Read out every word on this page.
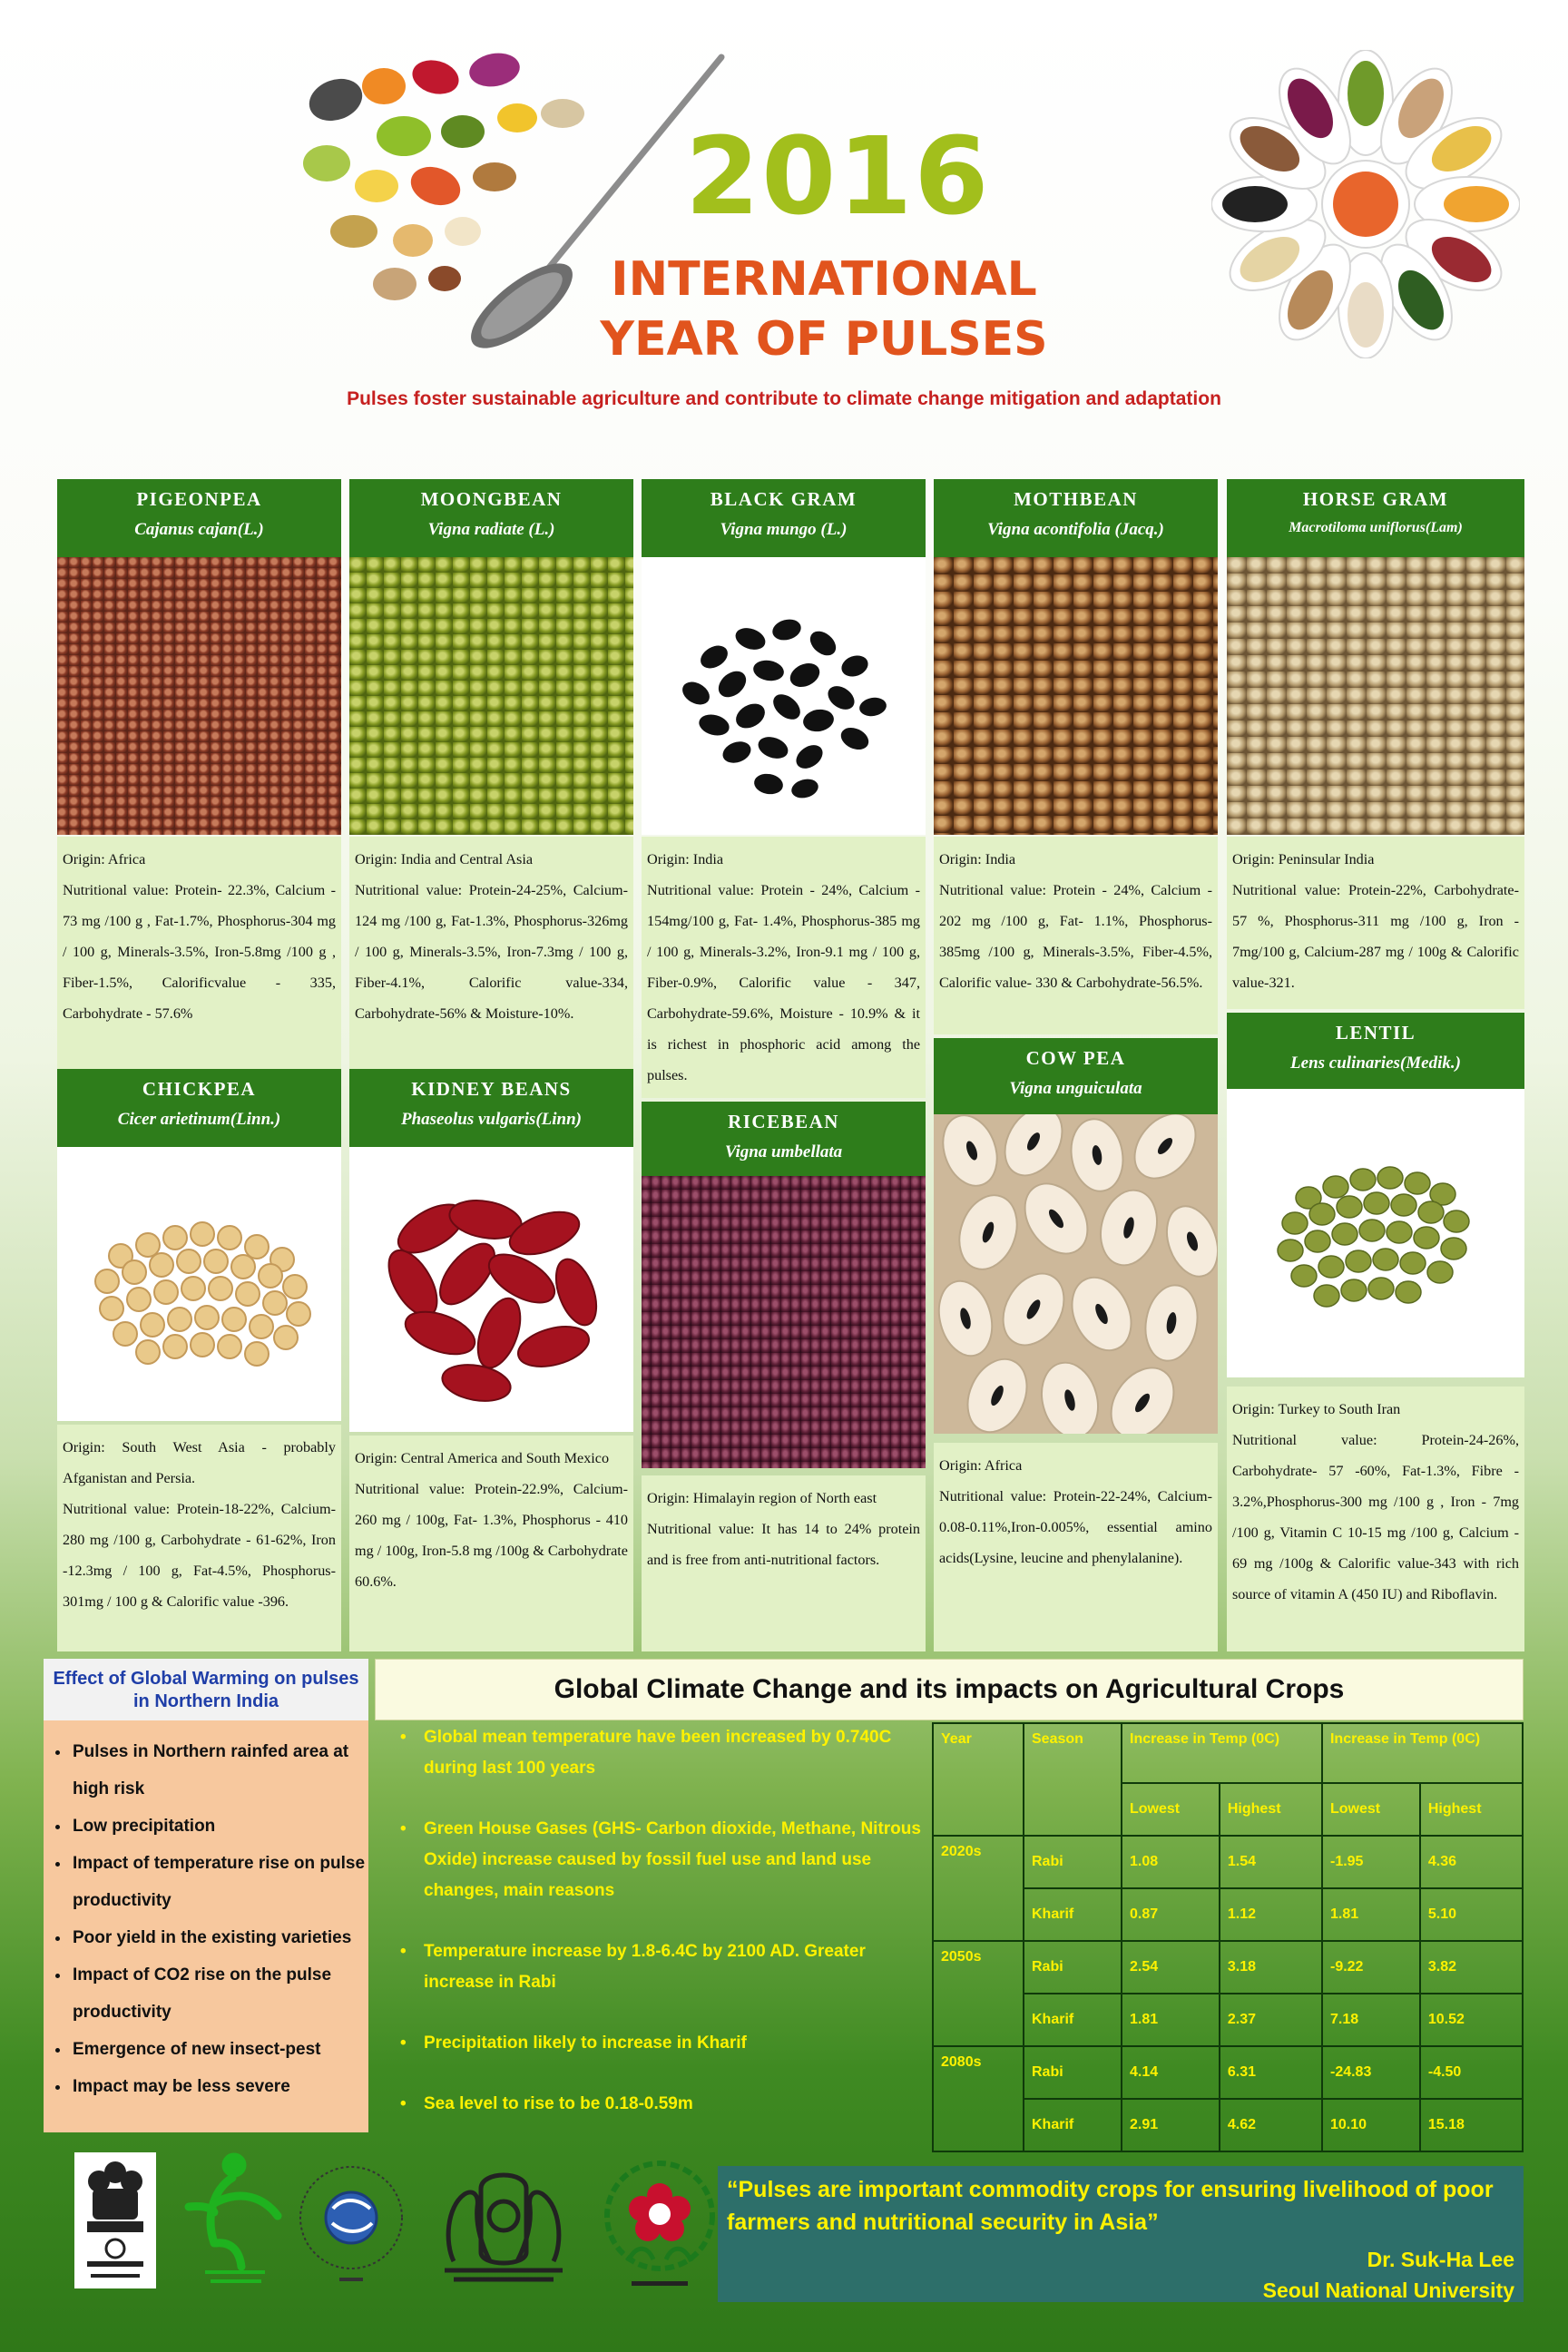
2016
INTERNATIONAL
YEAR OF PULSES
Pulses foster sustainable agriculture and contribute to climate change mitigation and adaptation
PIGEONPEA
Cajanus cajan(L.)

Origin: Africa

Nutritional value: Protein- 22.3%, Calcium - 73 mg /100 g , Fat-1.7%, Phosphorus-304 mg / 100 g, Minerals-3.5%, Iron-5.8mg /100 g , Fiber-1.5%, Calorificvalue - 335, Carbohydrate - 57.6%

MOONGBEAN
Vigna radiate (L.)

Origin: India and Central Asia

Nutritional value: Protein-24-25%, Calcium-124 mg /100 g, Fat-1.3%, Phosphorus-326mg / 100 g, Minerals-3.5%, Iron-7.3mg / 100 g, Fiber-4.1%, Calorific value-334, Carbohydrate-56% & Moisture-10%.

BLACK GRAM
Vigna mungo (L.)

Origin: India

Nutritional value: Protein - 24%, Calcium - 154mg/100 g, Fat- 1.4%, Phosphorus-385 mg / 100 g, Minerals-3.2%, Iron-9.1 mg / 100 g, Fiber-0.9%, Calorific value - 347, Carbohydrate-59.6%, Moisture - 10.9% & it is richest in phosphoric acid among the pulses.

MOTHBEAN
Vigna acontifolia (Jacq.)

Origin: India

Nutritional value: Protein - 24%, Calcium - 202 mg /100 g, Fat- 1.1%, Phosphorus- 385mg /100 g, Minerals-3.5%, Fiber-4.5%, Calorific value- 330 & Carbohydrate-56.5%.

HORSE GRAM
Macrotiloma uniflorus(Lam)

Origin: Peninsular India

Nutritional value: Protein-22%, Carbohydrate- 57 %, Phosphorus-311 mg /100 g, Iron - 7mg/100 g, Calcium-287 mg / 100g & Calorific value-321.

CHICKPEA
Cicer arietinum(Linn.)

Origin: South West Asia - probably Afganistan and Persia.

Nutritional value: Protein-18-22%, Calcium- 280 mg /100 g, Carbohydrate - 61-62%, Iron -12.3mg / 100 g, Fat-4.5%, Phosphorus- 301mg / 100 g & Calorific value -396.

KIDNEY BEANS
Phaseolus vulgaris(Linn)

Origin: Central America and South Mexico

Nutritional value: Protein-22.9%, Calcium-260 mg / 100g, Fat- 1.3%, Phosphorus - 410 mg / 100g, Iron-5.8 mg /100g & Carbohydrate 60.6%.

RICEBEAN
Vigna umbellata

Origin: Himalayin region of North east

Nutritional value: It has 14 to 24% protein and is free from anti-nutritional factors.

COW PEA
Vigna unguiculata

Origin: Africa

Nutritional value: Protein-22-24%, Calcium-0.08-0.11%,Iron-0.005%, essential amino acids(Lysine, leucine and phenylalanine).

LENTIL
Lens culinaries(Medik.)

Origin: Turkey to South Iran

Nutritional value: Protein-24-26%, Carbohydrate- 57 -60%, Fat-1.3%, Fibre - 3.2%,Phosphorus-300 mg /100 g , Iron - 7mg /100 g, Vitamin C 10-15 mg /100 g, Calcium - 69 mg /100g & Calorific value-343 with rich source of vitamin A (450 IU) and Riboflavin.

Effect of Global Warming on pulses in Northern India
• Pulses in Northern rainfed area at high risk
• Low precipitation
• Impact of temperature rise on pulse productivity
• Poor yield in the existing varieties
• Impact of CO2 rise on the pulse productivity
• Emergence of new insect-pest
• Impact may be less severe
Global Climate Change and its impacts on Agricultural Crops
• Global mean temperature have been increased by 0.740C during last 100 years
• Green House Gases (GHS- Carbon dioxide, Methane, Nitrous Oxide) increase caused by fossil fuel use and land use changes, main reasons
• Temperature increase by 1.8-6.4C by 2100 AD. Greater increase in Rabi
• Precipitation likely to increase in Kharif
• Sea level to rise to be 0.18-0.59m
Year	Season	Increase in Temp (0C)		Increase in Temp (0C)	
		Lowest	Highest	Lowest	Highest
2020s	Rabi	1.08	1.54	-1.95	4.36
	Kharif	0.87	1.12	1.81	5.10
2050s	Rabi	2.54	3.18	-9.22	3.82
	Kharif	1.81	2.37	7.18	10.52
2080s	Rabi	4.14	6.31	-24.83	-4.50
	Kharif	2.91	4.62	10.10	15.18
“Pulses are important commodity crops for ensuring livelihood of poor farmers and nutritional security in Asia”
Dr. Suk-Ha Lee
Seoul National University
